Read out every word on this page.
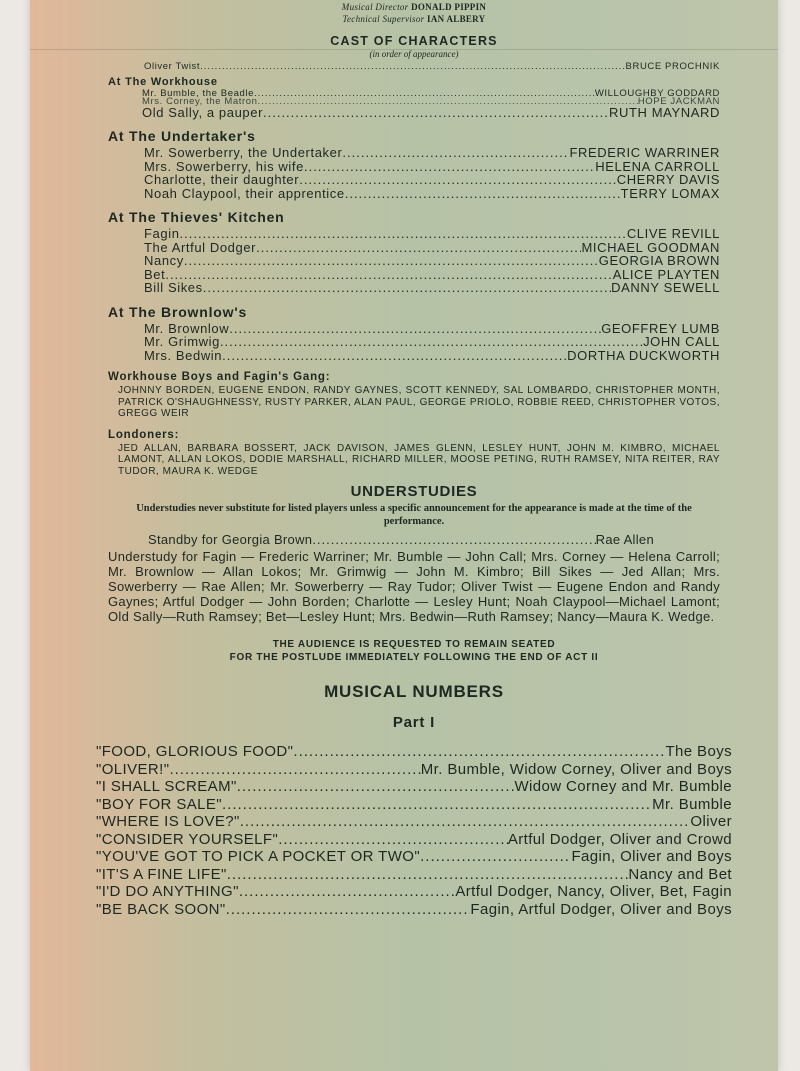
Musical Director DONALD PIPPIN
Technical Supervisor IAN ALBERY
CAST OF CHARACTERS
(in order of appearance)
Oliver Twist .....	BRUCE PROCHNIK
At The Workhouse
Mr. Bumble, the Beadle .....	WILLOUGHBY GODDARD
Mrs. Corney, the Matron .....	HOPE JACKMAN
Old Sally, a pauper .....	RUTH MAYNARD
At The Undertaker's
Mr. Sowerberry, the Undertaker .....	FREDERIC WARRINER
Mrs. Sowerberry, his wife .....	HELENA CARROLL
Charlotte, their daughter .....	CHERRY DAVIS
Noah Claypool, their apprentice .....	TERRY LOMAX
At The Thieves' Kitchen
Fagin .....	CLIVE REVILL
The Artful Dodger .....	MICHAEL GOODMAN
Nancy .....	GEORGIA BROWN
Bet .....	ALICE PLAYTEN
Bill Sikes .....	DANNY SEWELL
At The Brownlow's
Mr. Brownlow .....	GEOFFREY LUMB
Mr. Grimwig .....	JOHN CALL
Mrs. Bedwin .....	DORTHA DUCKWORTH
Workhouse Boys and Fagin's Gang:
JOHNNY BORDEN, EUGENE ENDON, RANDY GAYNES, SCOTT KENNEDY, SAL LOMBARDO, CHRISTOPHER MONTH, PATRICK O'SHAUGHNESSY, RUSTY PARKER, ALAN PAUL, GEORGE PRIOLO, ROBBIE REED, CHRISTOPHER VOTOS, GREGG WEIR
Londoners:
JED ALLAN, BARBARA BOSSERT, JACK DAVISON, JAMES GLENN, LESLEY HUNT, JOHN M. KIMBRO, MICHAEL LAMONT, ALLAN LOKOS, DODIE MARSHALL, RICHARD MILLER, MOOSE PETING, RUTH RAMSEY, NITA REITER, RAY TUDOR, MAURA K. WEDGE
UNDERSTUDIES
Understudies never substitute for listed players unless a specific announcement for the appearance is made at the time of the performance.
Standby for Georgia Brown .....	Rae Allen
Understudy for Fagin — Frederic Warriner; Mr. Bumble — John Call; Mrs. Corney — Helena Carroll; Mr. Brownlow — Allan Lokos; Mr. Grimwig — John M. Kimbro; Bill Sikes — Jed Allan; Mrs. Sowerberry — Rae Allen; Mr. Sowerberry — Ray Tudor; Oliver Twist — Eugene Endon and Randy Gaynes; Artful Dodger — John Borden; Charlotte — Lesley Hunt; Noah Claypool—Michael Lamont; Old Sally—Ruth Ramsey; Bet—Lesley Hunt; Mrs. Bedwin—Ruth Ramsey; Nancy—Maura K. Wedge.
THE AUDIENCE IS REQUESTED TO REMAIN SEATED
FOR THE POSTLUDE IMMEDIATELY FOLLOWING THE END OF ACT II
MUSICAL NUMBERS
Part I
"FOOD, GLORIOUS FOOD" .....	The Boys
"OLIVER!" .....	Mr. Bumble, Widow Corney, Oliver and Boys
"I SHALL SCREAM" .....	Widow Corney and Mr. Bumble
"BOY FOR SALE" .....	Mr. Bumble
"WHERE IS LOVE?" .....	Oliver
"CONSIDER YOURSELF" .....	Artful Dodger, Oliver and Crowd
"YOU'VE GOT TO PICK A POCKET OR TWO" .....	Fagin, Oliver and Boys
"IT'S A FINE LIFE" .....	Nancy and Bet
"I'D DO ANYTHING" .....	Artful Dodger, Nancy, Oliver, Bet, Fagin
"BE BACK SOON" .....	Fagin, Artful Dodger, Oliver and Boys
